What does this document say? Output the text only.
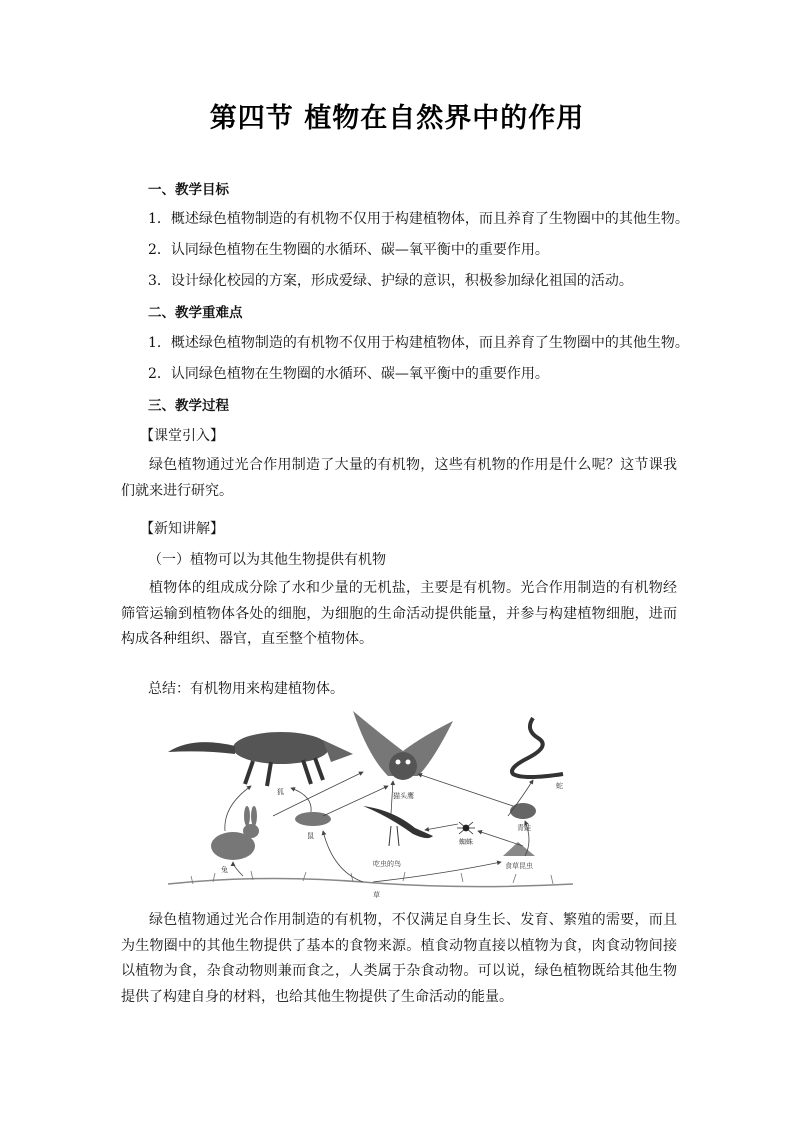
第四节 植物在自然界中的作用
一、教学目标
1．概述绿色植物制造的有机物不仅用于构建植物体，而且养育了生物圈中的其他生物。
2．认同绿色植物在生物圈的水循环、碳—氧平衡中的重要作用。
3．设计绿化校园的方案，形成爱绿、护绿的意识，积极参加绿化祖国的活动。
二、教学重难点
1．概述绿色植物制造的有机物不仅用于构建植物体，而且养育了生物圈中的其他生物。
2．认同绿色植物在生物圈的水循环、碳—氧平衡中的重要作用。
三、教学过程
【课堂引入】
绿色植物通过光合作用制造了大量的有机物，这些有机物的作用是什么呢？这节课我们就来进行研究。
【新知讲解】
（一）植物可以为其他生物提供有机物
植物体的组成成分除了水和少量的无机盐，主要是有机物。光合作用制造的有机物经筛管运输到植物体各处的细胞，为细胞的生命活动提供能量，并参与构建植物细胞，进而构成各种组织、器官，直至整个植物体。
总结：有机物用来构建植物体。
狐	猫头鹰
蛇
青蛙
蜘蛛
吃虫的鸟
鼠
兔	食草昆虫
草
绿色植物通过光合作用制造的有机物，不仅满足自身生长、发育、繁殖的需要，而且为生物圈中的其他生物提供了基本的食物来源。植食动物直接以植物为食，肉食动物间接以植物为食，杂食动物则兼而食之，人类属于杂食动物。可以说，绿色植物既给其他生物提供了构建自身的材料，也给其他生物提供了生命活动的能量。
